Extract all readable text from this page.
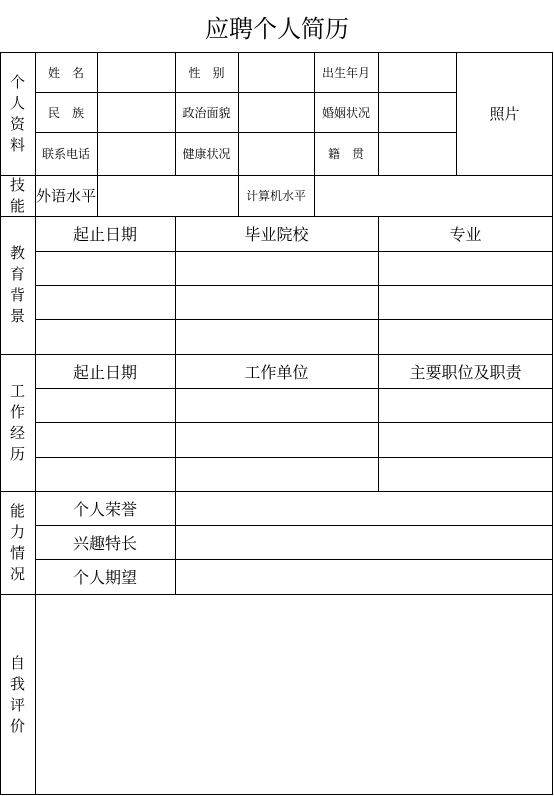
应聘个人简历
个
人
资
料
姓　名	性　别	出生年月
民　族	政治面貌	婚姻状况
联系电话	健康状况	籍　贯
照片
技
能
外语水平	计算机水平
教
育
背
景
起止日期	毕业院校	专业
工
作
经
历
起止日期	工作单位	主要职位及职责
能
力
情
况
个人荣誉
兴趣特长
个人期望
自
我
评
价
